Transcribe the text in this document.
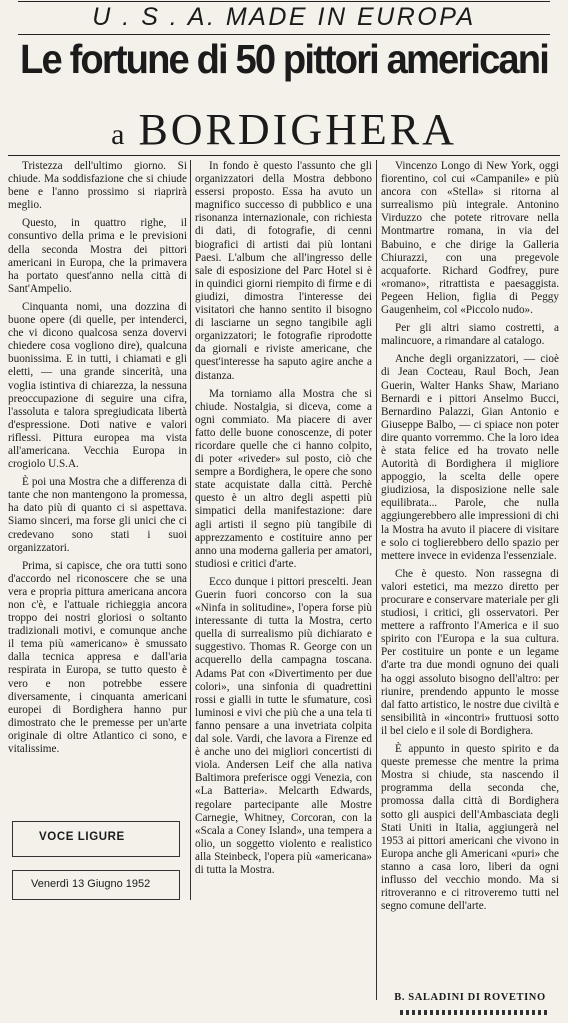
U . S . A. MADE IN EUROPA
Le fortune di 50 pittori americani
a BORDIGHERA

Tristezza dell'ultimo giorno. Si chiude. Ma soddisfazione che si chiude bene e l'anno prossimo si riaprirà meglio.

Questo, in quattro righe, il consuntivo della prima e le previsioni della seconda Mostra dei pittori americani in Europa, che la primavera ha portato quest'anno nella città di Sant'Ampelio.

Cinquanta nomi, una dozzina di buone opere (di quelle, per intenderci, che vi dicono qualcosa senza dovervi chiedere cosa vogliono dire), qualcuna buonissima. E in tutti, i chiamati e gli eletti, — una grande sincerità, una voglia istintiva di chiarezza, la nessuna preoccupazione di seguire una cifra, l'assoluta e talora spregiudicata libertà d'espressione. Doti native e valori riflessi. Pittura europea ma vista all'americana. Vecchia Europa in crogiolo U.S.A.

È poi una Mostra che a differenza di tante che non mantengono la promessa, ha dato più di quanto ci si aspettava. Siamo sinceri, ma forse gli unici che ci credevano sono stati i suoi organizzatori.

Prima, si capisce, che ora tutti sono d'accordo nel riconoscere che se una vera e propria pittura americana ancora non c'è, e l'attuale richieggia ancora troppo dei nostri gloriosi o soltanto tradizionali motivi, e comunque anche il tema più «americano» è smussato dalla tecnica appresa e dall'aria respirata in Europa, se tutto questo è vero e non potrebbe essere diversamente, i cinquanta americani europei di Bordighera hanno pur dimostrato che le premesse per un'arte originale di oltre Atlantico ci sono, e vitalissime.

In fondo è questo l'assunto che gli organizzatori della Mostra debbono essersi proposto. Essa ha avuto un magnifico successo di pubblico e una risonanza internazionale, con richiesta di dati, di fotografie, di cenni biografici di artisti dai più lontani Paesi. L'album che all'ingresso delle sale di esposizione del Parc Hotel si è in quindici giorni riempito di firme e di giudizi, dimostra l'interesse dei visitatori che hanno sentito il bisogno di lasciarne un segno tangibile agli organizzatori; le fotografie riprodotte da giornali e riviste americane, che quest'interesse ha saputo agire anche a distanza.

Ma torniamo alla Mostra che si chiude. Nostalgia, si diceva, come a ogni commiato. Ma piacere di aver fatto delle buone conoscenze, di poter ricordare quelle che ci hanno colpito, di poter «riveder» sul posto, ciò che sempre a Bordighera, le opere che sono state acquistate dalla città. Perchè questo è un altro degli aspetti più simpatici della manifestazione: dare agli artisti il segno più tangibile di apprezzamento e costituire anno per anno una moderna galleria per amatori, studiosi e critici d'arte.

Ecco dunque i pittori prescelti. Jean Guerin fuori concorso con la sua «Ninfa in solitudine», l'opera forse più interessante di tutta la Mostra, certo quella di surrealismo più dichiarato e suggestivo. Thomas R. George con un acquerello della campagna toscana. Adams Pat con «Divertimento per due colori», una sinfonia di quadrettini rossi e gialli in tutte le sfumature, così luminosi e vivi che più che a una tela ti fanno pensare a una invetriata colpita dal sole. Vardi, che lavora a Firenze ed è anche uno dei migliori concertisti di viola. Andersen Leif che alla nativa Baltimora preferisce oggi Venezia, con «La Batteria». Melcarth Edwards, regolare partecipante alle Mostre Carnegie, Whitney, Corcoran, con la «Scala a Coney Island», una tempera a olio, un soggetto violento e realistico alla Steinbeck, l'opera più «americana» di tutta la Mostra.

Vincenzo Longo di New York, oggi fiorentino, col cui «Campanile» e più ancora con «Stella» si ritorna al surrealismo più integrale. Antonino Virduzzo che potete ritrovare nella Montmartre romana, in via del Babuino, e che dirige la Galleria Chiurazzi, con una pregevole acquaforte. Richard Godfrey, pure «romano», ritrattista e paesaggista. Pegeen Helion, figlia di Peggy Gaugenheim, col «Piccolo nudo».

Per gli altri siamo costretti, a malincuore, a rimandare al catalogo.

Anche degli organizzatori, — cioè di Jean Cocteau, Raul Boch, Jean Guerin, Walter Hanks Shaw, Mariano Bernardi e i pittori Anselmo Bucci, Bernardino Palazzi, Gian Antonio e Giuseppe Balbo, — ci spiace non poter dire quanto vorremmo. Che la loro idea è stata felice ed ha trovato nelle Autorità di Bordighera il migliore appoggio, la scelta delle opere giudiziosa, la disposizione nelle sale equilibrata... Parole, che nulla aggiungerebbero alle impressioni di chi la Mostra ha avuto il piacere di visitare e solo ci toglierebbero dello spazio per mettere invece in evidenza l'essenziale.

Che è questo. Non rassegna di valori estetici, ma mezzo diretto per procurare e conservare materiale per gli studiosi, i critici, gli osservatori. Per mettere a raffronto l'America e il suo spirito con l'Europa e la sua cultura. Per costituire un ponte e un legame d'arte tra due mondi ognuno dei quali ha oggi assoluto bisogno dell'altro: per riunire, prendendo appunto le mosse dal fatto artistico, le nostre due civiltà e sensibilità in «incontri» fruttuosi sotto il bel cielo e il sole di Bordighera.

È appunto in questo spirito e da queste premesse che mentre la prima Mostra si chiude, sta nascendo il programma della seconda che, promossa dalla città di Bordighera sotto gli auspici dell'Ambasciata degli Stati Uniti in Italia, aggiungerà nel 1953 ai pittori americani che vivono in Europa anche gli Americani «puri» che stanno a casa loro, liberi da ogni influsso del vecchio mondo. Ma si ritroveranno e ci ritroveremo tutti nel segno comune dell'arte.

VOCE LIGURE
Venerdì 13 Giugno 1952
B. SALADINI DI ROVETINO
